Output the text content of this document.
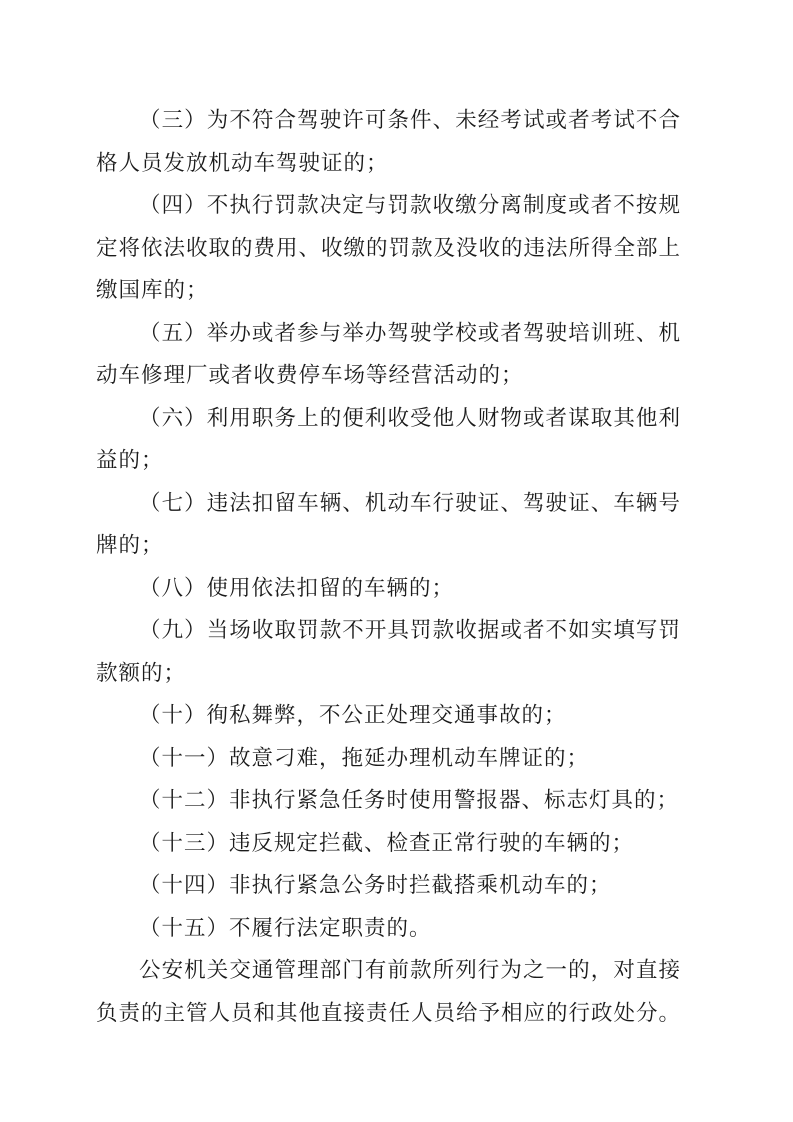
（三）为不符合驾驶许可条件、未经考试或者考试不合格人员发放机动车驾驶证的；

（四）不执行罚款决定与罚款收缴分离制度或者不按规定将依法收取的费用、收缴的罚款及没收的违法所得全部上缴国库的；

（五）举办或者参与举办驾驶学校或者驾驶培训班、机动车修理厂或者收费停车场等经营活动的；

（六）利用职务上的便利收受他人财物或者谋取其他利益的；

（七）违法扣留车辆、机动车行驶证、驾驶证、车辆号牌的；

（八）使用依法扣留的车辆的；

（九）当场收取罚款不开具罚款收据或者不如实填写罚款额的；

（十）徇私舞弊，不公正处理交通事故的；

（十一）故意刁难，拖延办理机动车牌证的；

（十二）非执行紧急任务时使用警报器、标志灯具的；

（十三）违反规定拦截、检查正常行驶的车辆的；

（十四）非执行紧急公务时拦截搭乘机动车的；

（十五）不履行法定职责的。

公安机关交通管理部门有前款所列行为之一的，对直接负责的主管人员和其他直接责任人员给予相应的行政处分。
